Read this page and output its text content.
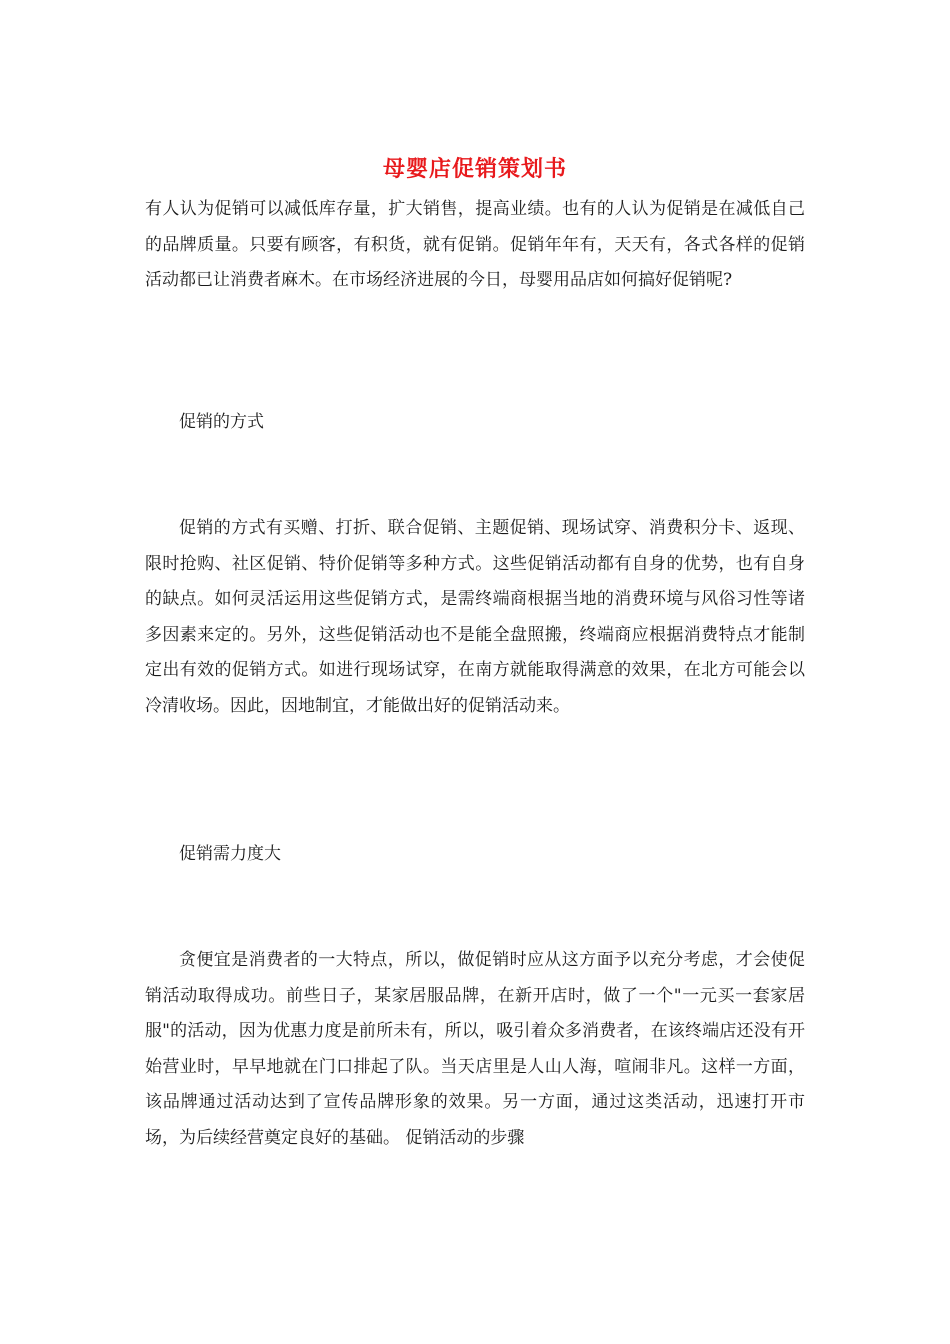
母婴店促销策划书

有人认为促销可以减低库存量，扩大销售，提高业绩。也有的人认为促销是在减低自己的品牌质量。只要有顾客，有积货，就有促销。促销年年有，天天有，各式各样的促销活动都已让消费者麻木。在市场经济进展的今日，母婴用品店如何搞好促销呢?

促销的方式

促销的方式有买赠、打折、联合促销、主题促销、现场试穿、消费积分卡、返现、限时抢购、社区促销、特价促销等多种方式。这些促销活动都有自身的优势，也有自身的缺点。如何灵活运用这些促销方式，是需终端商根据当地的消费环境与风俗习性等诸多因素来定的。另外，这些促销活动也不是能全盘照搬，终端商应根据消费特点才能制定出有效的促销方式。如进行现场试穿，在南方就能取得满意的效果，在北方可能会以冷清收场。因此，因地制宜，才能做出好的促销活动来。

促销需力度大

贪便宜是消费者的一大特点，所以，做促销时应从这方面予以充分考虑，才会使促销活动取得成功。前些日子，某家居服品牌，在新开店时，做了一个"一元买一套家居服"的活动，因为优惠力度是前所未有，所以，吸引着众多消费者，在该终端店还没有开始营业时，早早地就在门口排起了队。当天店里是人山人海，喧闹非凡。这样一方面，该品牌通过活动达到了宣传品牌形象的效果。另一方面，通过这类活动，迅速打开市场，为后续经营奠定良好的基础。 促销活动的步骤
